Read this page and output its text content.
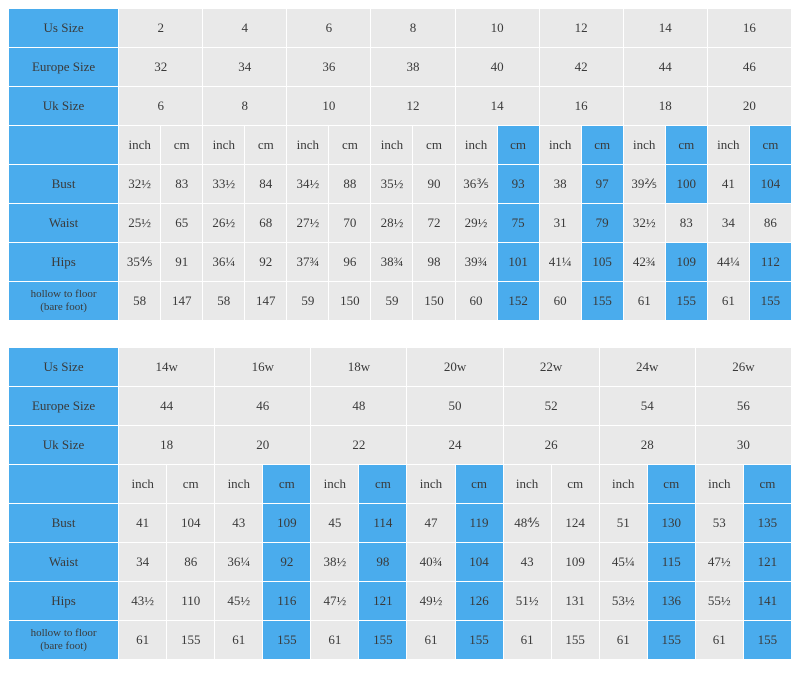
Us Size	2		4		6		8		10		12		14		16	
Europe Size	32		34		36		38		40		42		44		46	
Uk Size	6		8		10		12		14		16		18		20	
	inch	cm	inch	cm	inch	cm	inch	cm	inch	cm	inch	cm	inch	cm	inch	cm
Bust	32½	83	33½	84	34½	88	35½	90	36⅗	93	38	97	39⅖	100	41	104
Waist	25½	65	26½	68	27½	70	28½	72	29½	75	31	79	32½	83	34	86
Hips	35⅘	91	36¼	92	37¾	96	38¾	98	39¾	101	41¼	105	42¾	109	44¼	112
hollow to floor
(bare foot)	58	147	58	147	59	150	59	150	60	152	60	155	61	155	61	155
Us Size	14w		16w		18w		20w		22w		24w		26w	
Europe Size	44		46		48		50		52		54		56	
Uk Size	18		20		22		24		26		28		30	
	inch	cm	inch	cm	inch	cm	inch	cm	inch	cm	inch	cm	inch	cm
Bust	41	104	43	109	45	114	47	119	48⅘	124	51	130	53	135
Waist	34	86	36¼	92	38½	98	40¾	104	43	109	45¼	115	47½	121
Hips	43½	110	45½	116	47½	121	49½	126	51½	131	53½	136	55½	141
hollow to floor
(bare foot)	61	155	61	155	61	155	61	155	61	155	61	155	61	155
